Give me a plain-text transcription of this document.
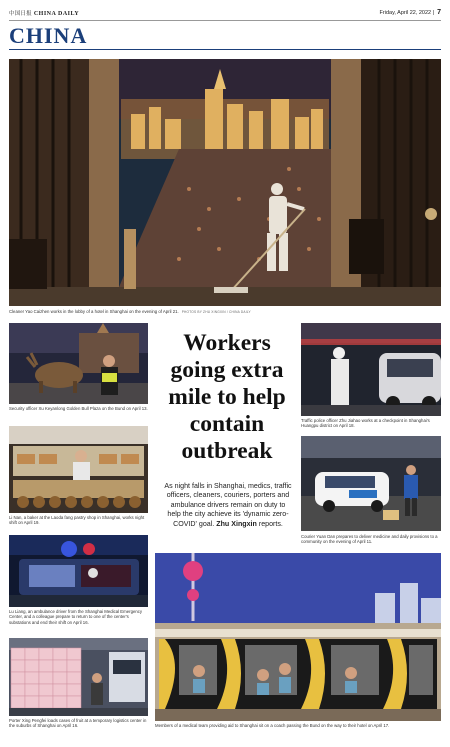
中国日报 CHINA DAILY	Friday, April 22, 2022 | 7
CHINA
Cleaner Yao Caizhen works in the lobby of a hotel in Shanghai on the evening of April 21. PHOTOS BY ZHU XINGXIN / CHINA DAILY
Security officer Xu Keyanlong Golden Bull Plaza on the Bund on April 13.
Li Nan, a baker at the Laoda fang pastry shop in Shanghai, works night shift on April 19.
Lu Liang, an ambulance driver from the Shanghai Medical Emergency Center, and a colleague prepare to return to one of the center's substations and end their shift on April 16.
Porter Xing Pengfei loads cases of fruit at a temporary logistics center in the suburbs of Shanghai on April 16.
Workers going extra mile to help contain outbreak
As night falls in Shanghai, medics, traffic officers, cleaners, couriers, porters and ambulance drivers remain on duty to help the city achieve its 'dynamic zero-COVID' goal. Zhu Xingxin reports.
Traffic police officer Zhu Jiahao works at a checkpoint in Shanghai's Huangpu district on April 18.
Courier Yuan Dan prepares to deliver medicine and daily provisions to a community on the evening of April 11.
Members of a medical team providing aid to Shanghai sit on a coach passing the Bund on the way to their hotel on April 17.
